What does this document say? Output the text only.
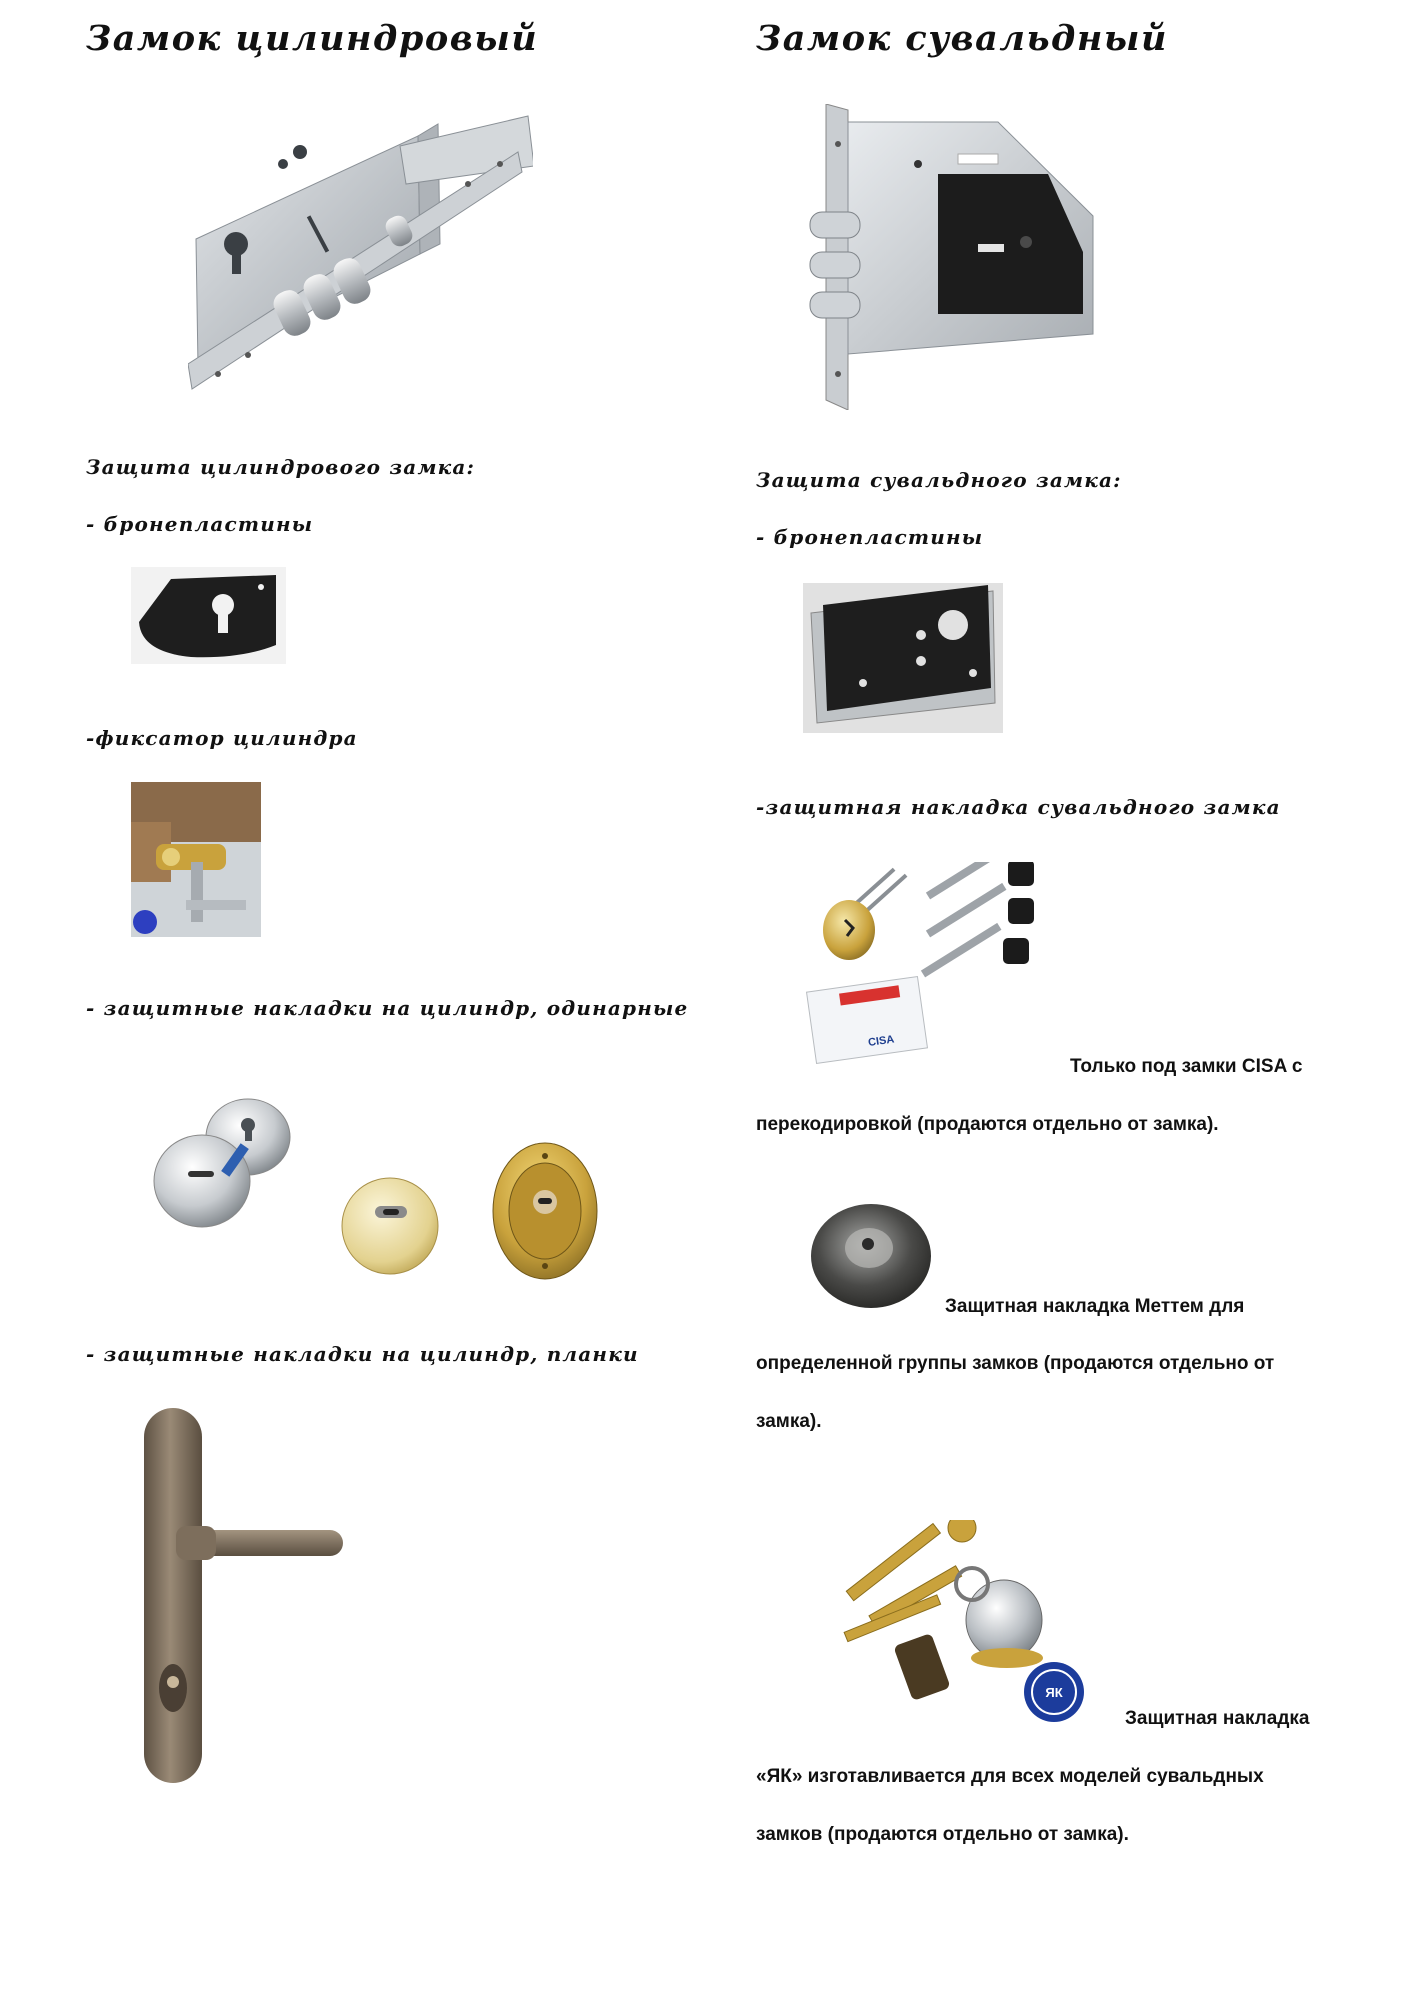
Замок цилиндровый

Защита цилиндрового замка:

- бронепластины

-фиксатор цилиндра

- защитные накладки на цилиндр, одинарные

- защитные накладки на цилиндр, планки

Замок сувальдный

Защита сувальдного замка:

- бронепластины

-защитная накладка сувальдного замка

CISA

Только под замки CISA с

перекодировкой (продаются отдельно от замка).

Защитная накладка Меттем для

определенной группы замков (продаются отдельно от

замка).

ЯК

Защитная накладка

«ЯК» изготавливается для всех моделей сувальдных

замков (продаются отдельно от замка).
